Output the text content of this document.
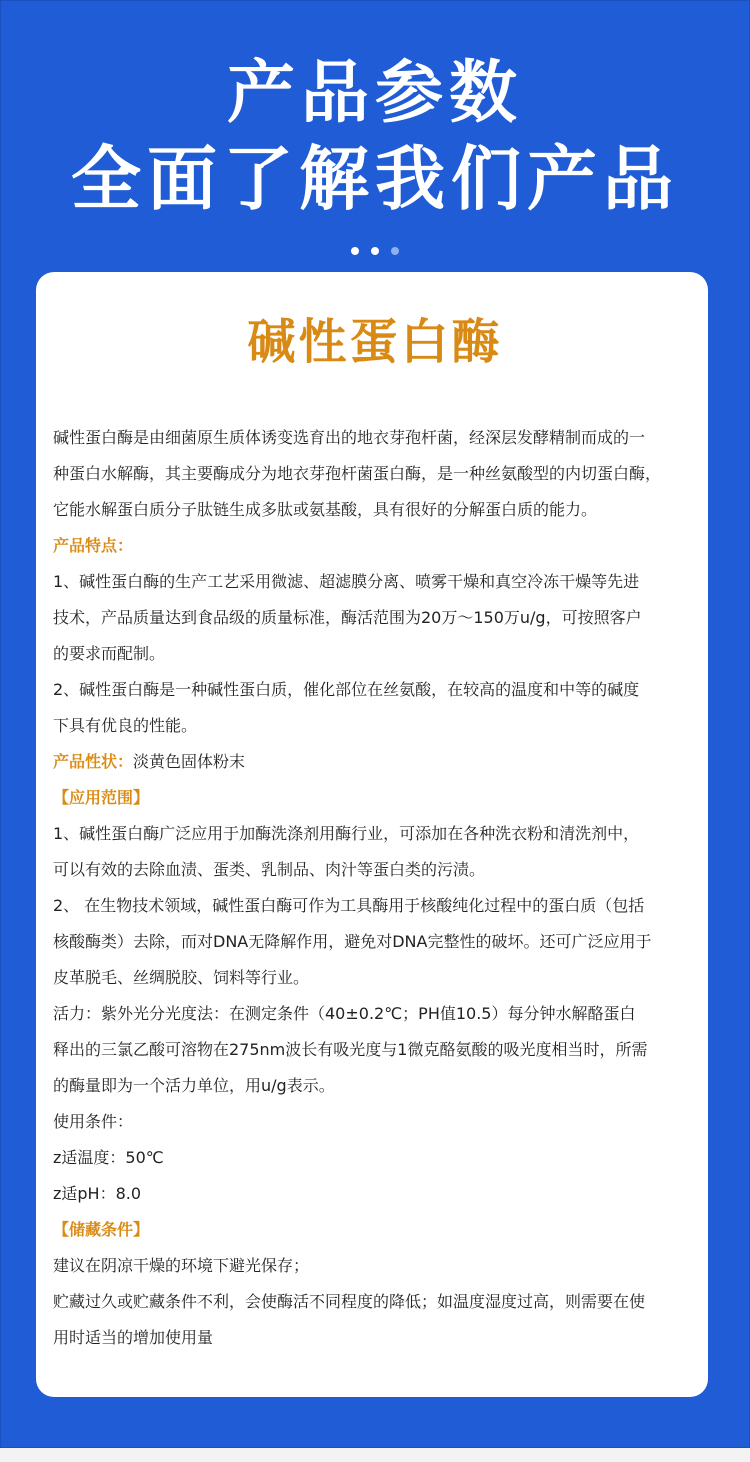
产品参数
全面了解我们产品
碱性蛋白酶
碱性蛋白酶是由细菌原生质体诱变选育出的地衣芽孢杆菌，经深层发酵精制而成的一
种蛋白水解酶，其主要酶成分为地衣芽孢杆菌蛋白酶，是一种丝氨酸型的内切蛋白酶，
它能水解蛋白质分子肽链生成多肽或氨基酸，具有很好的分解蛋白质的能力。
产品特点：
1、碱性蛋白酶的生产工艺采用微滤、超滤膜分离、喷雾干燥和真空冷冻干燥等先进
技术，产品质量达到食品级的质量标准，酶活范围为20万～150万u/g，可按照客户
的要求而配制。
2、碱性蛋白酶是一种碱性蛋白质，催化部位在丝氨酸，在较高的温度和中等的碱度
下具有优良的性能。
产品性状：淡黄色固体粉末
【应用范围】
1、碱性蛋白酶广泛应用于加酶洗涤剂用酶行业，可添加在各种洗衣粉和清洗剂中，
可以有效的去除血渍、蛋类、乳制品、肉汁等蛋白类的污渍。
2、 在生物技术领域，碱性蛋白酶可作为工具酶用于核酸纯化过程中的蛋白质（包括
核酸酶类）去除，而对DNA无降解作用，避免对DNA完整性的破坏。还可广泛应用于
皮革脱毛、丝绸脱胶、饲料等行业。
活力：紫外光分光度法：在测定条件（40±0.2℃；PH值10.5）每分钟水解酪蛋白
释出的三氯乙酸可溶物在275nm波长有吸光度与1微克酪氨酸的吸光度相当时，所需
的酶量即为一个活力单位，用u/g表示。
使用条件：
z适温度：50℃
z适pH：8.0
【储藏条件】
建议在阴凉干燥的环境下避光保存；
贮藏过久或贮藏条件不利，会使酶活不同程度的降低；如温度湿度过高，则需要在使
用时适当的增加使用量
